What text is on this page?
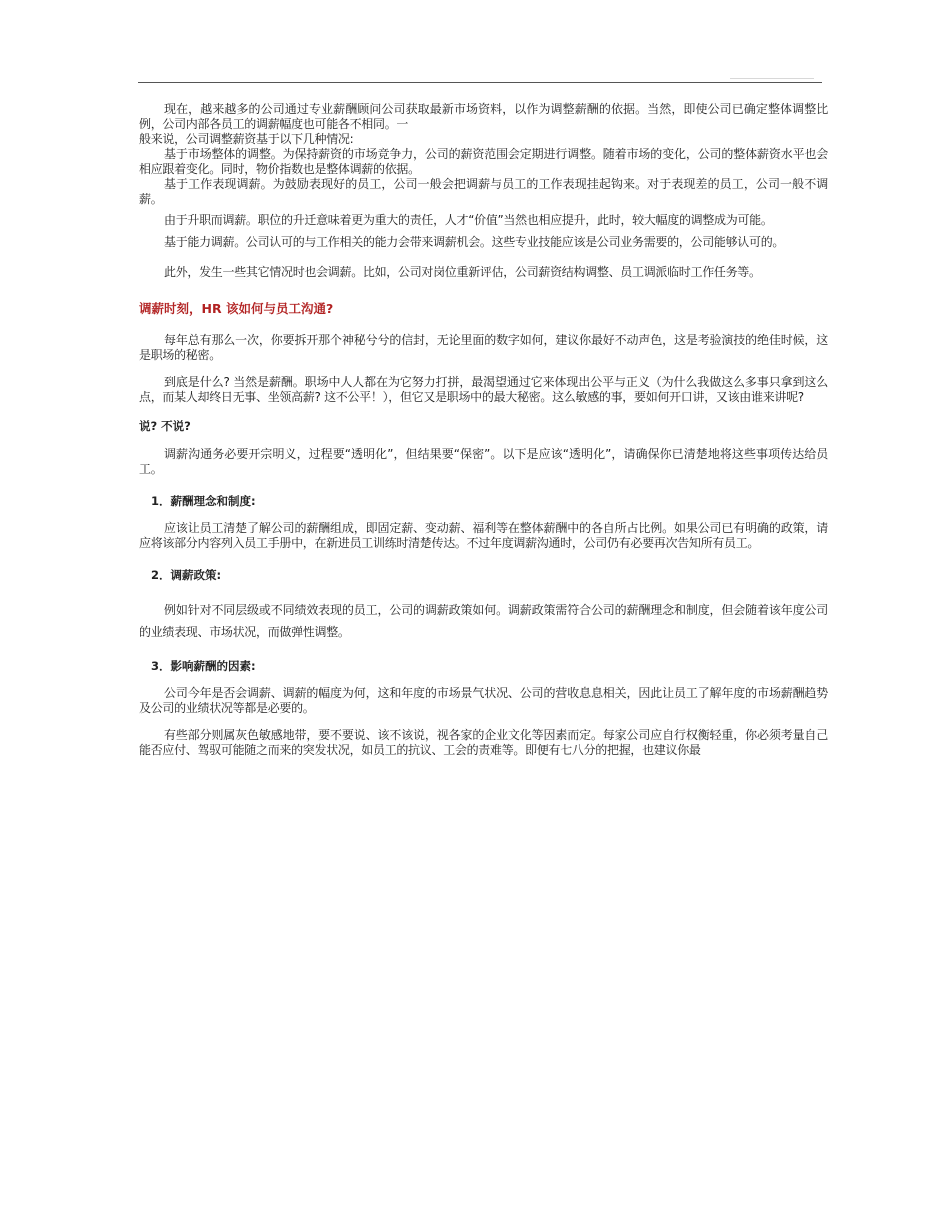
现在，越来越多的公司通过专业薪酬顾问公司获取最新市场资料，以作为调整薪酬的依据。当然，即使公司已确定整体调整比例，公司内部各员工的调薪幅度也可能各不相同。一

般来说，公司调整薪资基于以下几种情况:

基于市场整体的调整。为保持薪资的市场竞争力，公司的薪资范围会定期进行调整。随着市场的变化，公司的整体薪资水平也会相应跟着变化。同时，物价指数也是整体调薪的依据。

基于工作表现调薪。为鼓励表现好的员工，公司一般会把调薪与员工的工作表现挂起钩来。对于表现差的员工，公司一般不调薪。

由于升职而调薪。职位的升迁意味着更为重大的责任，人才“价值”当然也相应提升，此时，较大幅度的调整成为可能。

基于能力调薪。公司认可的与工作相关的能力会带来调薪机会。这些专业技能应该是公司业务需要的，公司能够认可的。

此外，发生一些其它情况时也会调薪。比如，公司对岗位重新评估，公司薪资结构调整、员工调派临时工作任务等。

调薪时刻，HR 该如何与员工沟通?

每年总有那么一次，你要拆开那个神秘兮兮的信封，无论里面的数字如何，建议你最好不动声色，这是考验演技的绝佳时候，这是职场的秘密。

到底是什么? 当然是薪酬。职场中人人都在为它努力打拼，最渴望通过它来体现出公平与正义（为什么我做这么多事只拿到这么点，而某人却终日无事、坐领高薪? 这不公平！），但它又是职场中的最大秘密。这么敏感的事，要如何开口讲，又该由谁来讲呢?

说? 不说?

调薪沟通务必要开宗明义，过程要“透明化”，但结果要“保密”。以下是应该“透明化”，请确保你已清楚地将这些事项传达给员工。

1．薪酬理念和制度:

应该让员工清楚了解公司的薪酬组成，即固定薪、变动薪、福利等在整体薪酬中的各自所占比例。如果公司已有明确的政策，请应将该部分内容列入员工手册中，在新进员工训练时清楚传达。不过年度调薪沟通时，公司仍有必要再次告知所有员工。

2．调薪政策:

例如针对不同层级或不同绩效表现的员工，公司的调薪政策如何。调薪政策需符合公司的薪酬理念和制度，但会随着该年度公司的业绩表现、市场状况，而做弹性调整。

3．影响薪酬的因素:

公司今年是否会调薪、调薪的幅度为何，这和年度的市场景气状况、公司的营收息息相关，因此让员工了解年度的市场薪酬趋势及公司的业绩状况等都是必要的。

有些部分则属灰色敏感地带，要不要说、该不该说，视各家的企业文化等因素而定。每家公司应自行权衡轻重，你必须考量自己能否应付、驾驭可能随之而来的突发状况，如员工的抗议、工会的责难等。即便有七八分的把握，也建议你最
